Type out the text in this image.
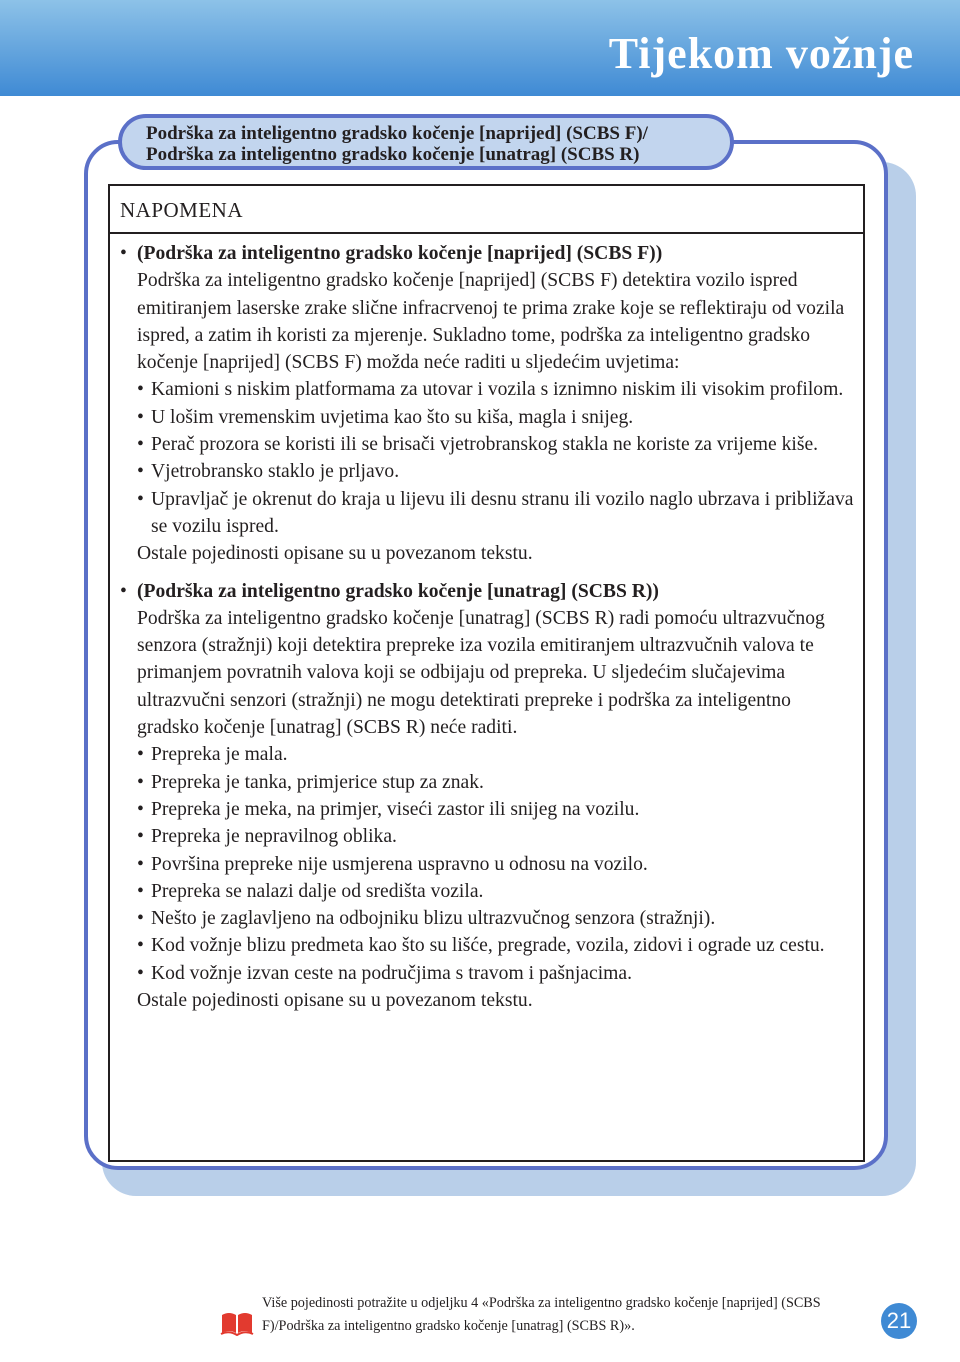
Tijekom vožnje
Podrška za inteligentno gradsko kočenje [naprijed] (SCBS F)/
Podrška za inteligentno gradsko kočenje [unatrag] (SCBS R)
NAPOMENA
• (Podrška za inteligentno gradsko kočenje [naprijed] (SCBS F))
Podrška za inteligentno gradsko kočenje [naprijed] (SCBS F) detektira vozilo ispred emitiranjem laserske zrake slične infracrvenoj te prima zrake koje se reflektiraju od vozila ispred, a zatim ih koristi za mjerenje. Sukladno tome, podrška za inteligentno gradsko kočenje [naprijed] (SCBS F) možda neće raditi u sljedećim uvjetima:
• Kamioni s niskim platformama za utovar i vozila s iznimno niskim ili visokim profilom.
• U lošim vremenskim uvjetima kao što su kiša, magla i snijeg.
• Perač prozora se koristi ili se brisači vjetrobranskog stakla ne koriste za vrijeme kiše.
• Vjetrobransko staklo je prljavo.
• Upravljač je okrenut do kraja u lijevu ili desnu stranu ili vozilo naglo ubrzava i približava se vozilu ispred.
Ostale pojedinosti opisane su u povezanom tekstu.
• (Podrška za inteligentno gradsko kočenje [unatrag] (SCBS R))
Podrška za inteligentno gradsko kočenje [unatrag] (SCBS R) radi pomoću ultrazvučnog senzora (stražnji) koji detektira prepreke iza vozila emitiranjem ultrazvučnih valova te primanjem povratnih valova koji se odbijaju od prepreka. U sljedećim slučajevima ultrazvučni senzori (stražnji) ne mogu detektirati prepreke i podrška za inteligentno gradsko kočenje [unatrag] (SCBS R) neće raditi.
• Prepreka je mala.
• Prepreka je tanka, primjerice stup za znak.
• Prepreka je meka, na primjer, viseći zastor ili snijeg na vozilu.
• Prepreka je nepravilnog oblika.
• Površina prepreke nije usmjerena uspravno u odnosu na vozilo.
• Prepreka se nalazi dalje od središta vozila.
• Nešto je zaglavljeno na odbojniku blizu ultrazvučnog senzora (stražnji).
• Kod vožnje blizu predmeta kao što su lišće, pregrade, vozila, zidovi i ograde uz cestu.
• Kod vožnje izvan ceste na područjima s travom i pašnjacima.
Ostale pojedinosti opisane su u povezanom tekstu.
Više pojedinosti potražite u odjeljku 4 «Podrška za inteligentno gradsko kočenje [naprijed] (SCBS F)/Podrška za inteligentno gradsko kočenje [unatrag] (SCBS R)».	21
